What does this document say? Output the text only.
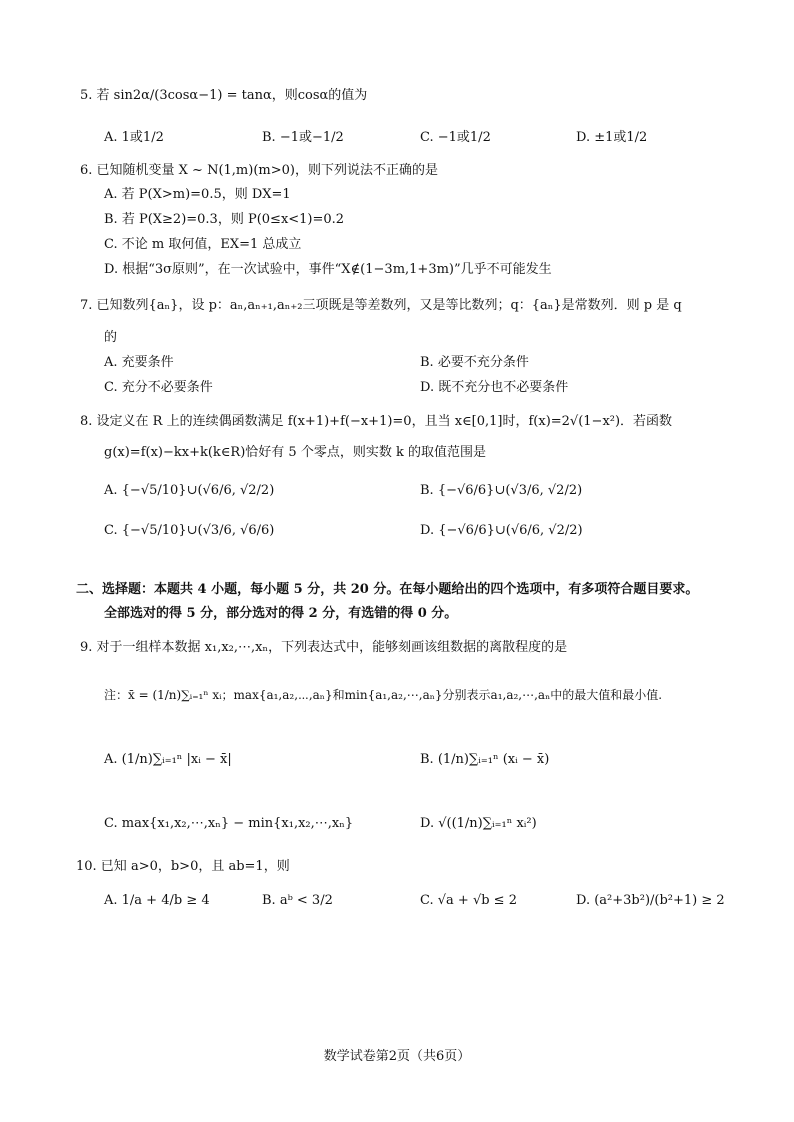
5. 若 sin2α/(3cosα−1) = tanα，则cosα的值为
A. 1或1/2	B. −1或−1/2	C. −1或1/2	D. ±1或1/2
6. 已知随机变量 X ~ N(1,m)(m>0)，则下列说法不正确的是
A. 若 P(X>m)=0.5，则 DX=1
B. 若 P(X≥2)=0.3，则 P(0≤x<1)=0.2
C. 不论 m 取何值，EX=1 总成立
D. 根据“3σ原则”，在一次试验中，事件“X∉(1−3m,1+3m)”几乎不可能发生
7. 已知数列{aₙ}，设 p：aₙ,aₙ₊₁,aₙ₊₂三项既是等差数列，又是等比数列；q：{aₙ}是常数列．则 p 是 q
的
A. 充要条件	B. 必要不充分条件
C. 充分不必要条件	D. 既不充分也不必要条件
8. 设定义在 R 上的连续偶函数满足 f(x+1)+f(−x+1)=0，且当 x∈[0,1]时，f(x)=2√(1−x²)．若函数
g(x)=f(x)−kx+k(k∈R)恰好有 5 个零点，则实数 k 的取值范围是
A. {−√5/10}∪(√6/6, √2/2)	B. {−√6/6}∪(√3/6, √2/2)
C. {−√5/10}∪(√3/6, √6/6)	D. {−√6/6}∪(√6/6, √2/2)
二、选择题：本题共 4 小题，每小题 5 分，共 20 分。在每小题给出的四个选项中，有多项符合题目要求。
全部选对的得 5 分，部分选对的得 2 分，有选错的得 0 分。
9. 对于一组样本数据 x₁,x₂,⋯,xₙ，下列表达式中，能够刻画该组数据的离散程度的是
注：x̄ = (1/n)∑ᵢ₌₁ⁿ xᵢ；max{a₁,a₂,⋯,aₙ}和min{a₁,a₂,⋯,aₙ}分别表示a₁,a₂,⋯,aₙ中的最大值和最小值.
A. (1/n)∑ᵢ₌₁ⁿ |xᵢ − x̄|	B. (1/n)∑ᵢ₌₁ⁿ (xᵢ − x̄)
C. max{x₁,x₂,⋯,xₙ} − min{x₁,x₂,⋯,xₙ}	D. √((1/n)∑ᵢ₌₁ⁿ xᵢ²)
10. 已知 a>0，b>0，且 ab=1，则
A. 1/a + 4/b ≥ 4	B. aᵇ < 3/2	C. √a + √b ≤ 2	D. (a²+3b²)/(b²+1) ≥ 2
数学试卷第2页（共6页）
